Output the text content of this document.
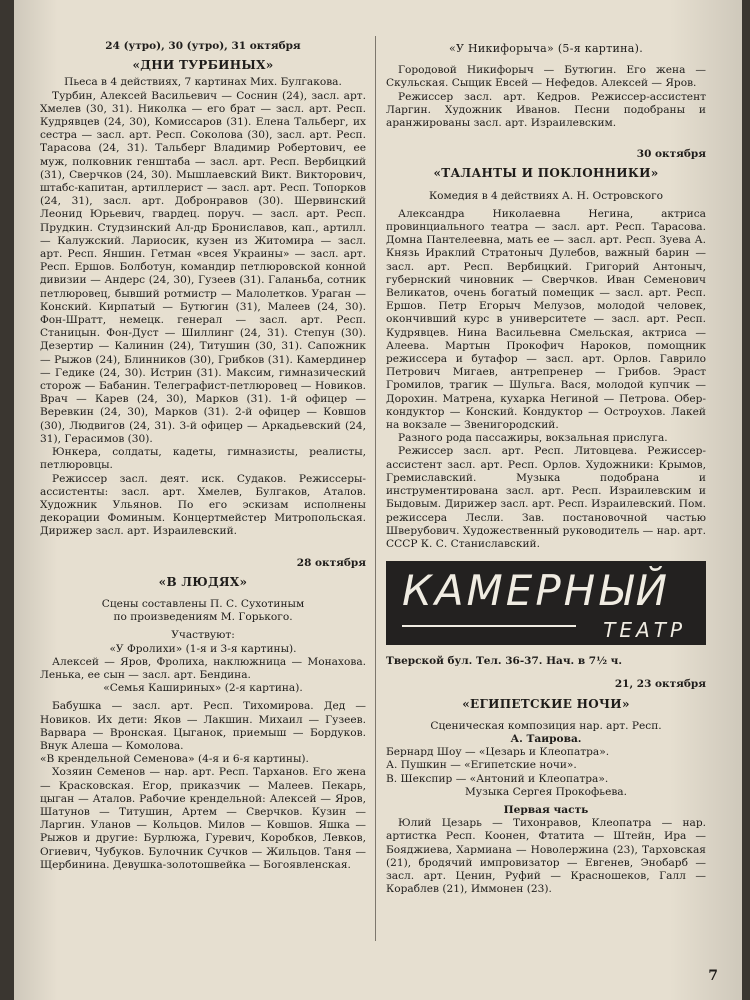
24 (утро), 30 (утро), 31 октября
«ДНИ ТУРБИНЫХ»

Пьеса в 4 действиях, 7 картинах Мих. Булгакова.

Турбин, Алексей Васильевич — Соснин (24), засл. арт. Хмелев (30, 31). Николка — его брат — засл. арт. Респ. Кудрявцев (24, 30), Комиссаров (31). Елена Тальберг, их сестра — засл. арт. Респ. Соколова (30), засл. арт. Респ. Тарасова (24, 31). Тальберг Владимир Робертович, ее муж, полковник генштаба — засл. арт. Респ. Вербицкий (31), Сверчков (24, 30). Мышлаевский Викт. Викторович, штабс-капитан, артиллерист — засл. арт. Респ. Топорков (24, 31), засл. арт. Добронравов (30). Шервинский Леонид Юрьевич, гвардец. поруч. — засл. арт. Респ. Прудкин. Студзинский Ал-др Брониславов, кап., артилл. — Калужский. Лариосик, кузен из Житомира — засл. арт. Респ. Яншин. Гетман «всея Украины» — засл. арт. Респ. Ершов. Болботун, командир петлюровской конной дивизии — Андерс (24, 30), Гузеев (31). Галаньба, сотник петлюровец, бывший ротмистр — Малолетков. Ураган — Конский. Кирпатый — Бутюгин (31), Малеев (24, 30). Фон-Шратт, немецк. генерал — засл. арт. Респ. Станицын. Фон-Дуст — Шиллинг (24, 31). Степун (30). Дезертир — Калинин (24), Титушин (30, 31). Сапожник — Рыжов (24), Блинников (30), Грибков (31). Камердинер — Гедике (24, 30). Истрин (31). Максим, гимназический сторож — Бабанин. Телеграфист-петлюровец — Новиков. Врач — Карев (24, 30), Марков (31). 1-й офицер — Веревкин (24, 30), Марков (31). 2-й офицер — Ковшов (30), Людвигов (24, 31). 3-й офицер — Аркадьевский (24, 31), Герасимов (30).

Юнкера, солдаты, кадеты, гимназисты, реалисты, петлюровцы.

Режиссер засл. деят. иск. Судаков. Режиссеры-ассистенты: засл. арт. Хмелев, Булгаков, Аталов. Художник Ульянов. По его эскизам исполнены декорации Фоминым. Концертмейстер Митропольская. Дирижер засл. арт. Израилевский.

28 октября
«В ЛЮДЯХ»

Сцены составлены П. С. Сухотиным

по произведениям М. Горького.

Участвуют:

«У Фролихи» (1-я и 3-я картины).

Алексей — Яров, Фролиха, наклюжница — Монахова. Ленька, ее сын — засл. арт. Бендина.

«Семья Кашириных» (2-я картина).

Бабушка — засл. арт. Респ. Тихомирова. Дед — Новиков. Их дети: Яков — Лакшин. Михаил — Гузеев. Варвара — Вронская. Цыганок, приемыш — Бордуков. Внук Алеша — Комолова.

«В крендельной Семенова» (4-я и 6-я картины).

Хозяин Семенов — нар. арт. Респ. Тарханов. Его жена — Красковская. Егор, приказчик — Малеев. Пекарь, цыган — Аталов. Рабочие крендельной: Алексей — Яров, Шатунов — Титушин, Артем — Сверчков. Кузин — Ларгин. Уланов — Кольцов. Милов — Ковшов. Яшка — Рыжов и другие: Бурлюжа, Гуревич, Коробков, Левков, Огиевич, Чубуков. Булочник Сучков — Жильцов. Таня — Щербинина. Девушка-золотошвейка — Богоявленская.

«У Никифорыча» (5-я картина).

Городовой Никифорыч — Бутюгин. Его жена — Скульская. Сыщик Евсей — Нефедов. Алексей — Яров.

Режиссер засл. арт. Кедров. Режиссер-ассистент Ларгин. Художник Иванов. Песни подобраны и аранжированы засл. арт. Израилевским.

30 октября
«ТАЛАНТЫ И ПОКЛОННИКИ»

Комедия в 4 действиях А. Н. Островского

Александра Николаевна Негина, актриса провинциального театра — засл. арт. Респ. Тарасова. Домна Пантелеевна, мать ее — засл. арт. Респ. Зуева А. Князь Ираклий Стратоныч Дулебов, важный барин — засл. арт. Респ. Вербицкий. Григорий Антоныч, губернский чиновник — Сверчков. Иван Семенович Великатов, очень богатый помещик — засл. арт. Респ. Ершов. Петр Егорыч Мелузов, молодой человек, окончивший курс в университете — засл. арт. Респ. Кудрявцев. Нина Васильевна Смельская, актриса — Алеева. Мартын Прокофич Нароков, помощник режиссера и бутафор — засл. арт. Орлов. Гаврило Петрович Мигаев, антрепренер — Грибов. Эраст Громилов, трагик — Шульга. Вася, молодой купчик — Дорохин. Матрена, кухарка Негиной — Петрова. Обер-кондуктор — Конский. Кондуктор — Остроухов. Лакей на вокзале — Звенигородский.

Разного рода пассажиры, вокзальная прислуга.

Режиссер засл. арт. Респ. Литовцева. Режиссер-ассистент засл. арт. Респ. Орлов. Художники: Крымов, Гремиславский. Музыка подобрана и инструментирована засл. арт. Респ. Израилевским и Быдовым. Дирижер засл. арт. Респ. Израилевский. Пом. режиссера Лесли. Зав. постановочной частью Шверубович. Художественный руководитель — нар. арт. СССР К. С. Станиславский.

КАМЕРНЫЙ
ТЕАТР
Тверской бул. Тел. 36-37. Нач. в 7½ ч.
21, 23 октября
«ЕГИПЕТСКИЕ НОЧИ»

Сценическая композиция нар. арт. Респ.

А. Таирова.

Бернард Шоу — «Цезарь и Клеопатра».

А. Пушкин — «Египетские ночи».

В. Шекспир — «Антоний и Клеопатра».

Музыка Сергея Прокофьева.

Первая часть

Юлий Цезарь — Тихонравов, Клеопатра — нар. артистка Респ. Коонен, Фтатита — Штейн, Ира — Бояджиева, Хармиана — Новолержина (23), Тарховская (21), бродячий импровизатор — Евгенев, Энобарб — засл. арт. Ценин, Руфий — Красношеков, Галл — Кораблев (21), Иммонен (23).

7
